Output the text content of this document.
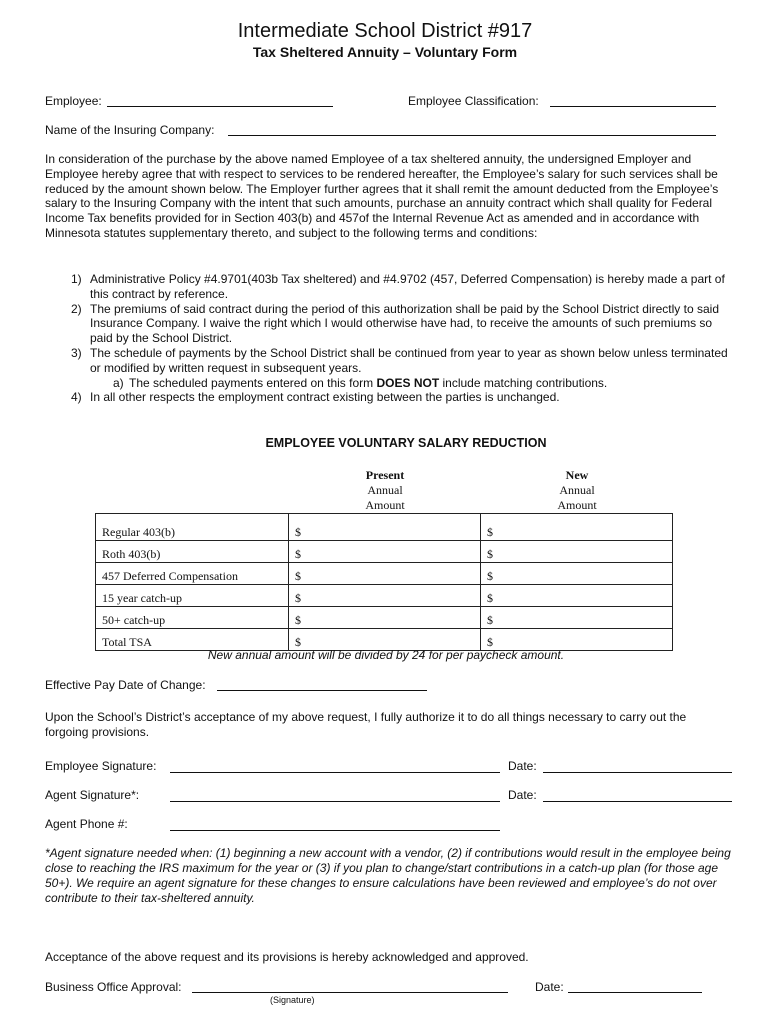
Intermediate School District #917
Tax Sheltered Annuity – Voluntary Form
Employee:	Employee Classification:
Name of the Insuring Company:
In consideration of the purchase by the above named Employee of a tax sheltered annuity, the undersigned Employer and Employee hereby agree that with respect to services to be rendered hereafter, the Employee’s salary for such services shall be reduced by the amount shown below. The Employer further agrees that it shall remit the amount deducted from the Employee’s salary to the Insuring Company with the intent that such amounts, purchase an annuity contract which shall quality for Federal Income Tax benefits provided for in Section 403(b) and 457of the Internal Revenue Act as amended and in accordance with Minnesota statutes supplementary thereto, and subject to the following terms and conditions:
1) Administrative Policy #4.9701(403b Tax sheltered) and #4.9702 (457, Deferred Compensation) is hereby made a part of this contract by reference.
2) The premiums of said contract during the period of this authorization shall be paid by the School District directly to said Insurance Company. I waive the right which I would otherwise have had, to receive the amounts of such premiums so paid by the School District.
3) The schedule of payments by the School District shall be continued from year to year as shown below unless terminated or modified by written request in subsequent years.
a) The scheduled payments entered on this form DOES NOT include matching contributions.
4) In all other respects the employment contract existing between the parties is unchanged.
EMPLOYEE VOLUNTARY SALARY REDUCTION
Present
Annual
Amount
New
Annual
Amount
Regular 403(b)	$	$
Roth 403(b)	$	$
457 Deferred Compensation	$	$
15 year catch-up	$	$
50+ catch-up	$	$
Total TSA	$	$
New annual amount will be divided by 24 for per paycheck amount.
Effective Pay Date of Change:
Upon the School’s District’s acceptance of my above request, I fully authorize it to do all things necessary to carry out the forgoing provisions.
Employee Signature:	Date:
Agent Signature*:	Date:
Agent Phone #:
*Agent signature needed when: (1) beginning a new account with a vendor, (2) if contributions would result in the employee being close to reaching the IRS maximum for the year or (3) if you plan to change/start contributions in a catch-up plan (for those age 50+). We require an agent signature for these changes to ensure calculations have been reviewed and employee’s do not over contribute to their tax-sheltered annuity.
Acceptance of the above request and its provisions is hereby acknowledged and approved.
Business Office Approval:	Date:
(Signature)
